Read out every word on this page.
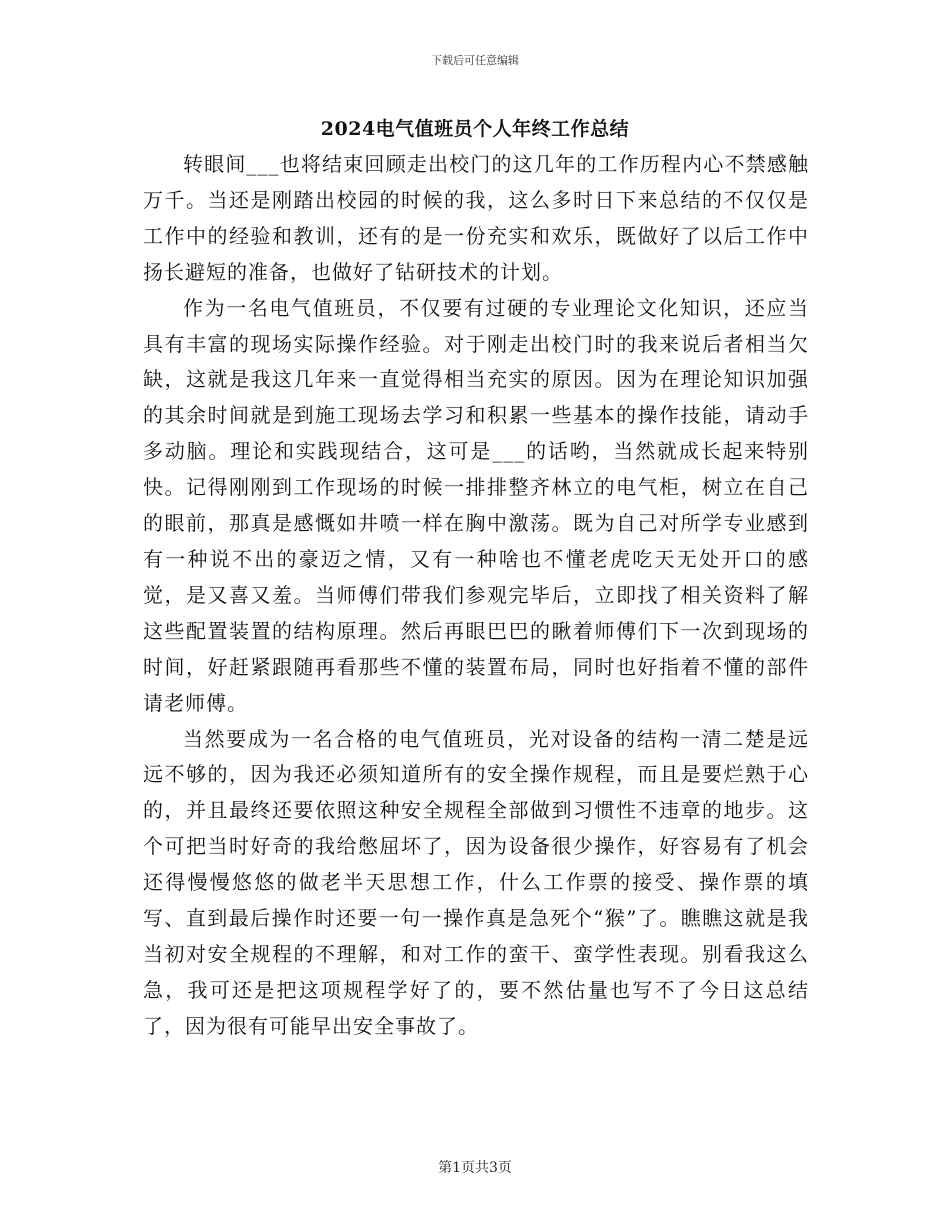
下载后可任意编辑
2024电气值班员个人年终工作总结

转眼间___也将结束回顾走出校门的这几年的工作历程内心不禁感触万千。当还是刚踏出校园的时候的我，这么多时日下来总结的不仅仅是工作中的经验和教训，还有的是一份充实和欢乐，既做好了以后工作中扬长避短的准备，也做好了钻研技术的计划。

作为一名电气值班员，不仅要有过硬的专业理论文化知识，还应当具有丰富的现场实际操作经验。对于刚走出校门时的我来说后者相当欠缺，这就是我这几年来一直觉得相当充实的原因。因为在理论知识加强的其余时间就是到施工现场去学习和积累一些基本的操作技能，请动手多动脑。理论和实践现结合，这可是___的话哟，当然就成长起来特别快。记得刚刚到工作现场的时候一排排整齐林立的电气柜，树立在自己的眼前，那真是感慨如井喷一样在胸中激荡。既为自己对所学专业感到有一种说不出的豪迈之情，又有一种啥也不懂老虎吃天无处开口的感觉，是又喜又羞。当师傅们带我们参观完毕后，立即找了相关资料了解这些配置装置的结构原理。然后再眼巴巴的瞅着师傅们下一次到现场的时间，好赶紧跟随再看那些不懂的装置布局，同时也好指着不懂的部件请老师傅。

当然要成为一名合格的电气值班员，光对设备的结构一清二楚是远远不够的，因为我还必须知道所有的安全操作规程，而且是要烂熟于心的，并且最终还要依照这种安全规程全部做到习惯性不违章的地步。这个可把当时好奇的我给憋屈坏了，因为设备很少操作，好容易有了机会还得慢慢悠悠的做老半天思想工作，什么工作票的接受、操作票的填写、直到最后操作时还要一句一操作真是急死个“猴”了。瞧瞧这就是我当初对安全规程的不理解，和对工作的蛮干、蛮学性表现。别看我这么急，我可还是把这项规程学好了的，要不然估量也写不了今日这总结了，因为很有可能早出安全事故了。

第1页共3页
